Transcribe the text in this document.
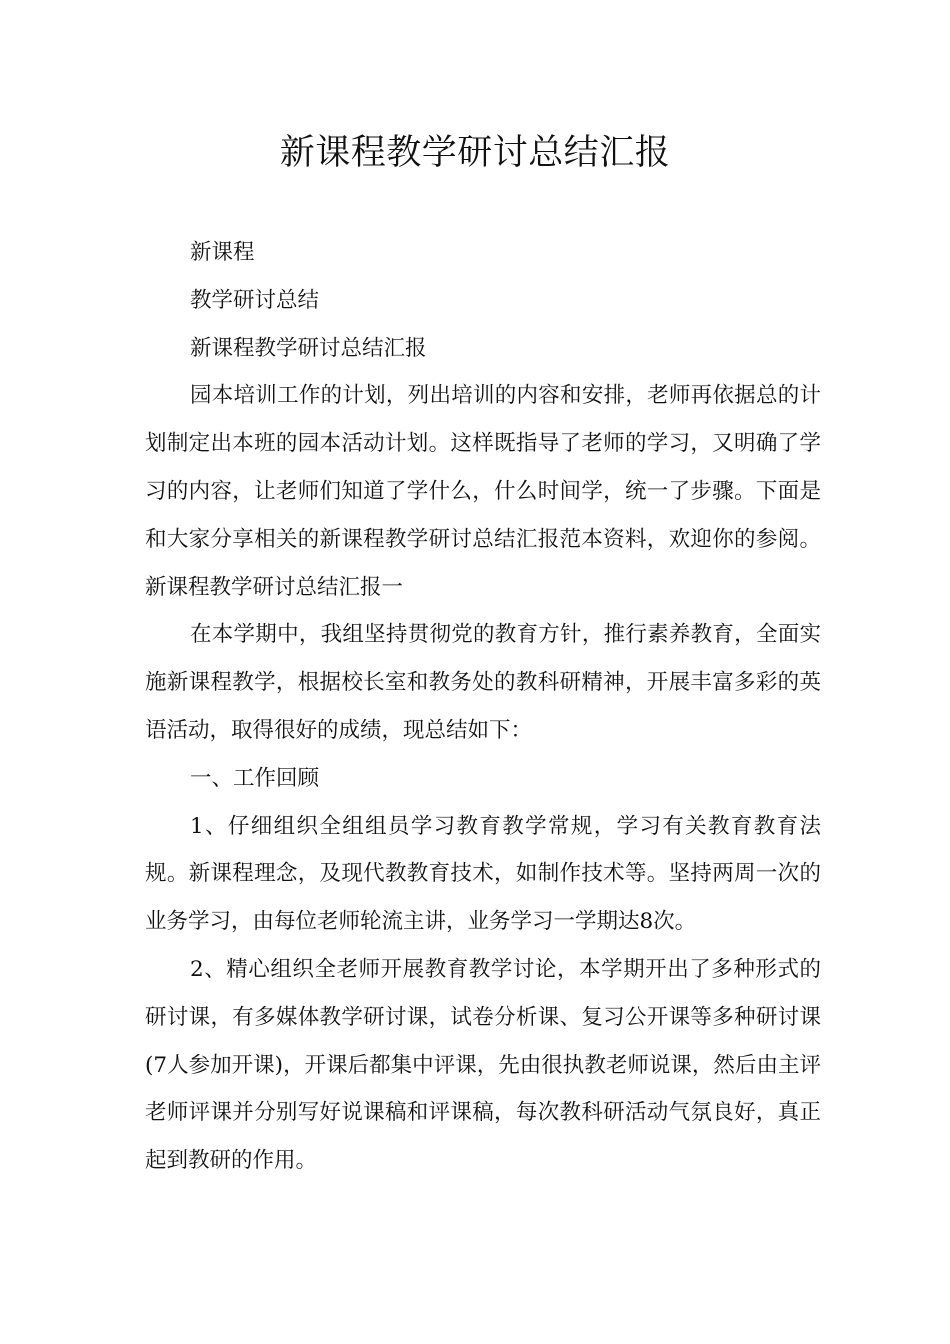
新课程教学研讨总结汇报

新课程

教学研讨总结

新课程教学研讨总结汇报

园本培训工作的计划，列出培训的内容和安排，老师再依据总的计划制定出本班的园本活动计划。这样既指导了老师的学习，又明确了学习的内容，让老师们知道了学什么，什么时间学，统一了步骤。下面是和大家分享相关的新课程教学研讨总结汇报范本资料，欢迎你的参阅。新课程教学研讨总结汇报一

在本学期中，我组坚持贯彻党的教育方针，推行素养教育，全面实施新课程教学，根据校长室和教务处的教科研精神，开展丰富多彩的英语活动，取得很好的成绩，现总结如下：

一、工作回顾

1、仔细组织全组组员学习教育教学常规，学习有关教育教育法规。新课程理念，及现代教教育技术，如制作技术等。坚持两周一次的业务学习，由每位老师轮流主讲，业务学习一学期达8次。

2、精心组织全老师开展教育教学讨论，本学期开出了多种形式的研讨课，有多媒体教学研讨课，试卷分析课、复习公开课等多种研讨课(7人参加开课)，开课后都集中评课，先由很执教老师说课，然后由主评老师评课并分别写好说课稿和评课稿，每次教科研活动气氛良好，真正起到教研的作用。
